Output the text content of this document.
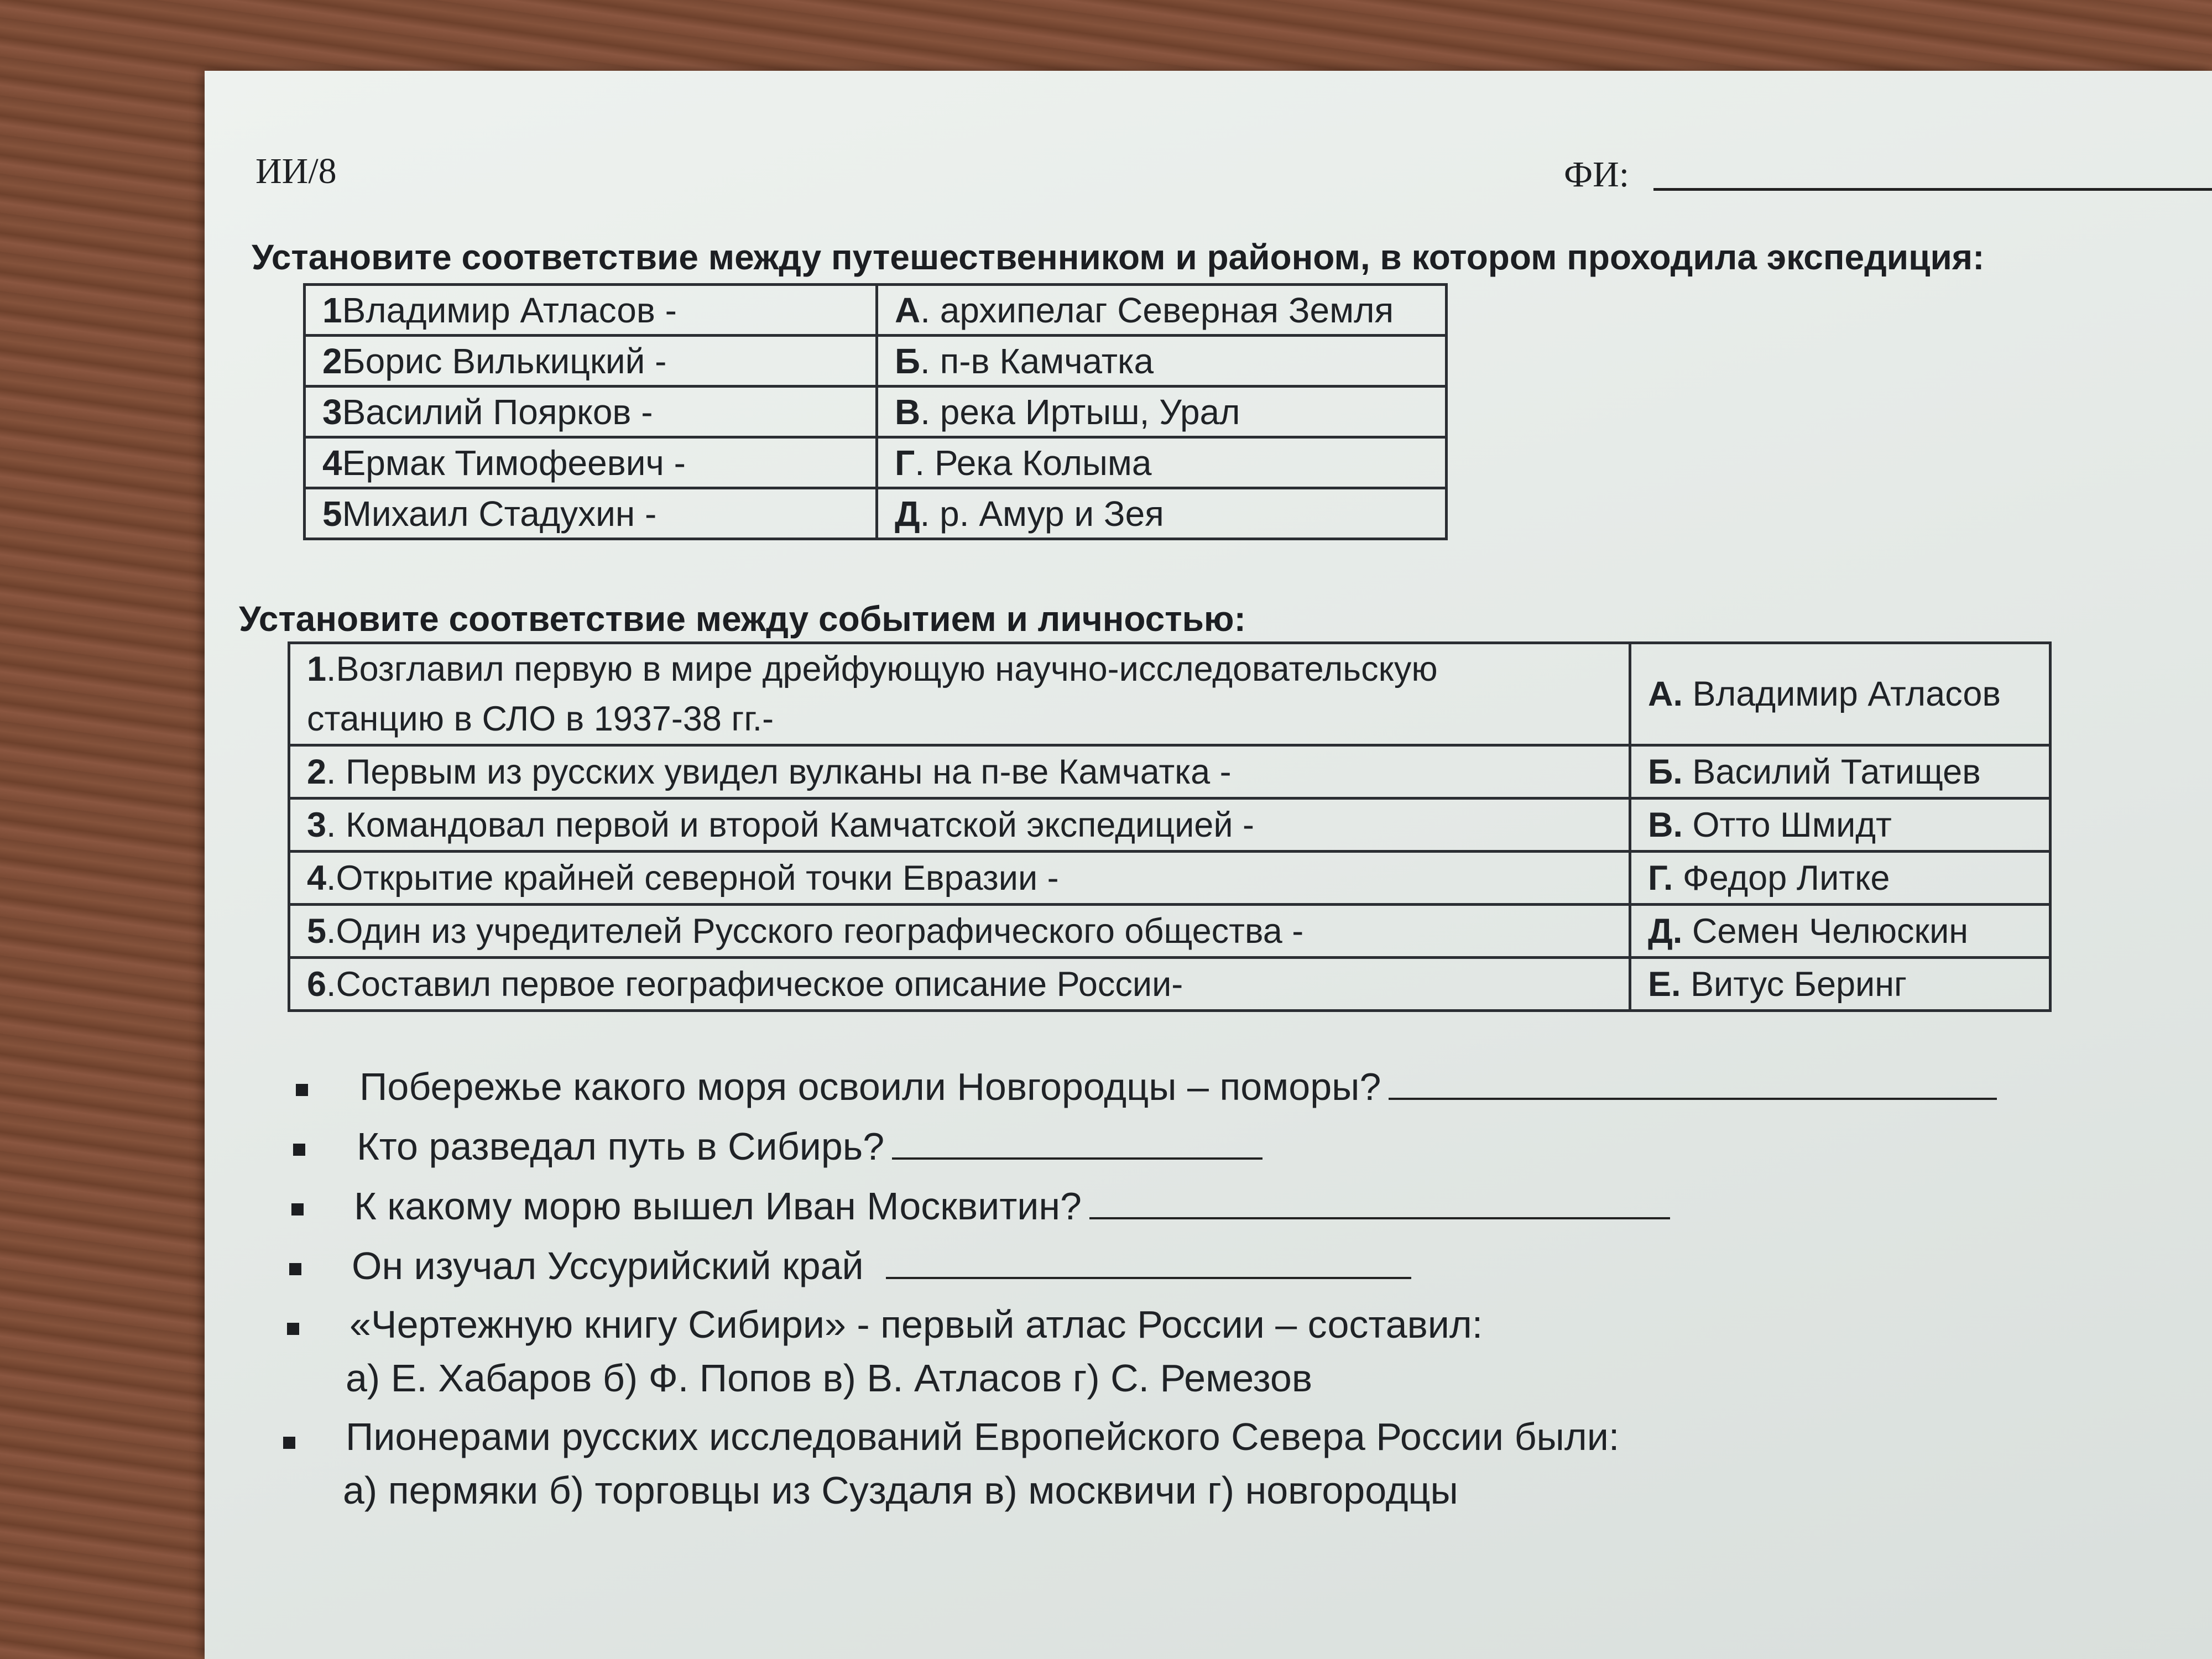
ИИ/8	ФИ:
Установите соответствие между путешественником и районом, в котором проходила экспедиция:
1Владимир Атласов -	А. архипелаг Северная Земля
2Борис Вилькицкий -	Б. п-в Камчатка
3Василий Поярков -	В. река Иртыш, Урал
4Ермак Тимофеевич -	Г. Река Колыма
5Михаил Стадухин -	Д. р. Амур и Зея
Установите соответствие между событием и личностью:
1.Возглавил первую в мире дрейфующую научно-исследовательскую
станцию в СЛО в 1937-38 гг.-	А. Владимир Атласов
2. Первым из русских увидел вулканы на п-ве Камчатка -	Б. Василий Татищев
3. Командовал первой и второй Камчатской экспедицией -	В. Отто Шмидт
4.Открытие крайней северной точки Евразии -	Г. Федор Литке
5.Один из учредителей Русского географического общества -	Д. Семен Челюскин
6.Составил первое географическое описание России-	Е. Витус Беринг
Побережье какого моря освоили Новгородцы – поморы?
Кто разведал путь в Сибирь?
К какому морю вышел Иван Москвитин?
Он изучал Уссурийский край
«Чертежную книгу Сибири» - первый атлас России – составил:
а) Е. Хабаров б) Ф. Попов в) В. Атласов г) С. Ремезов
Пионерами русских исследований Европейского Севера России были:
а) пермяки б) торговцы из Суздаля в) москвичи г) новгородцы
